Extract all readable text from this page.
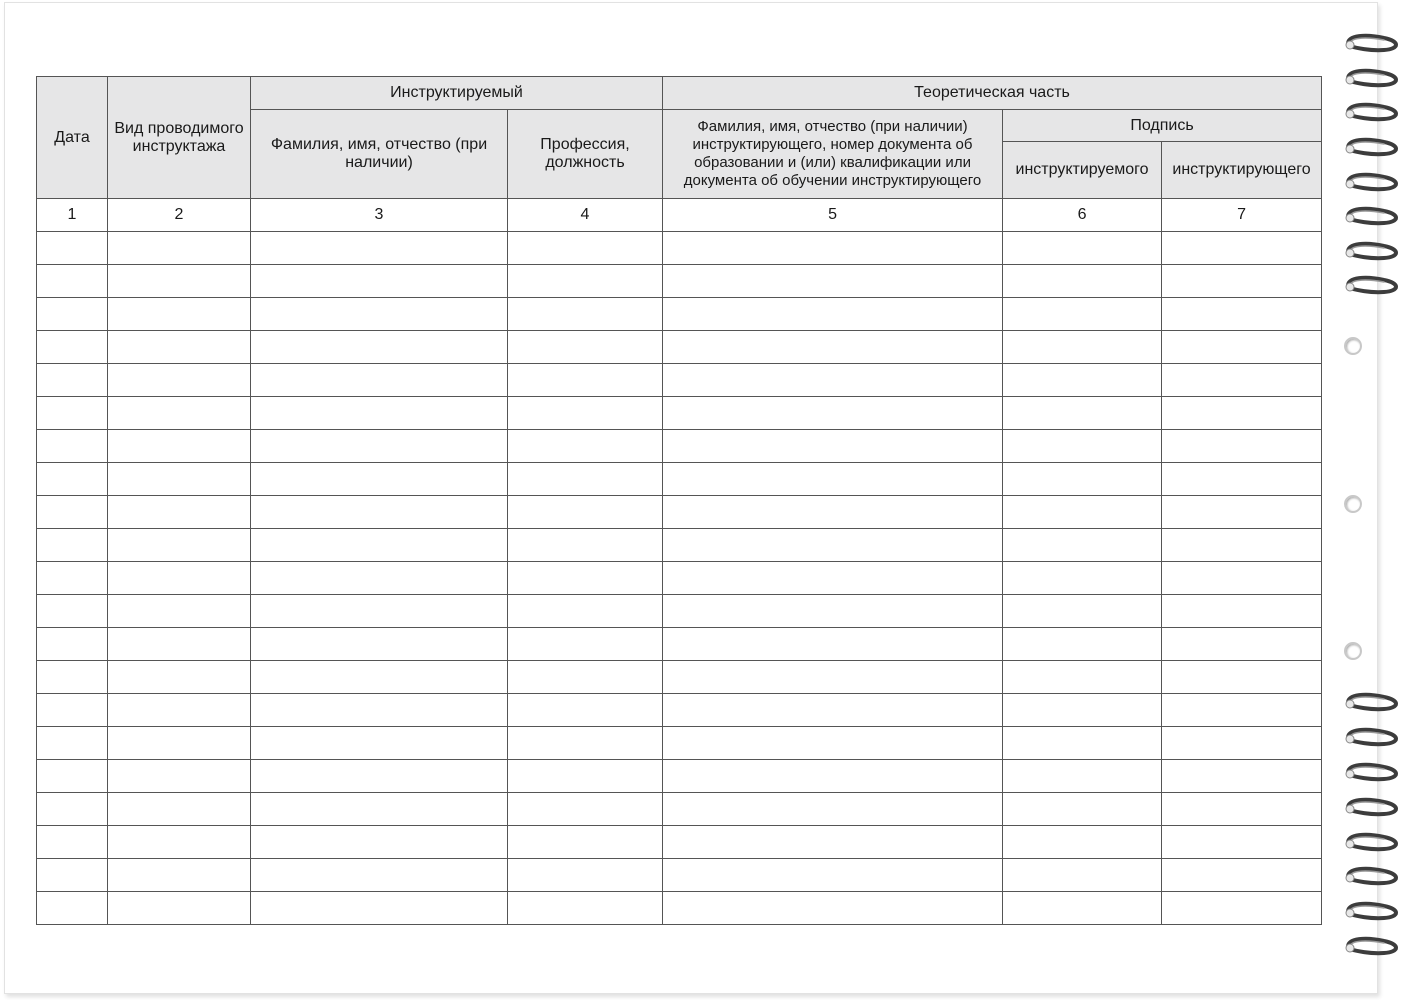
Дата	Вид проводимого инструктажа	Инструктируемый		Теоретическая часть		
		Фамилия, имя, отчество (при наличии)	Профессия, должность	Фамилия, имя, отчество (при наличии) инструктирующего, номер документа об образовании и (или) квалификации или документа об обучении инструктирующего	Подпись	
					инструктируемого	инструктирующего
1	2	3	4	5	6	7
